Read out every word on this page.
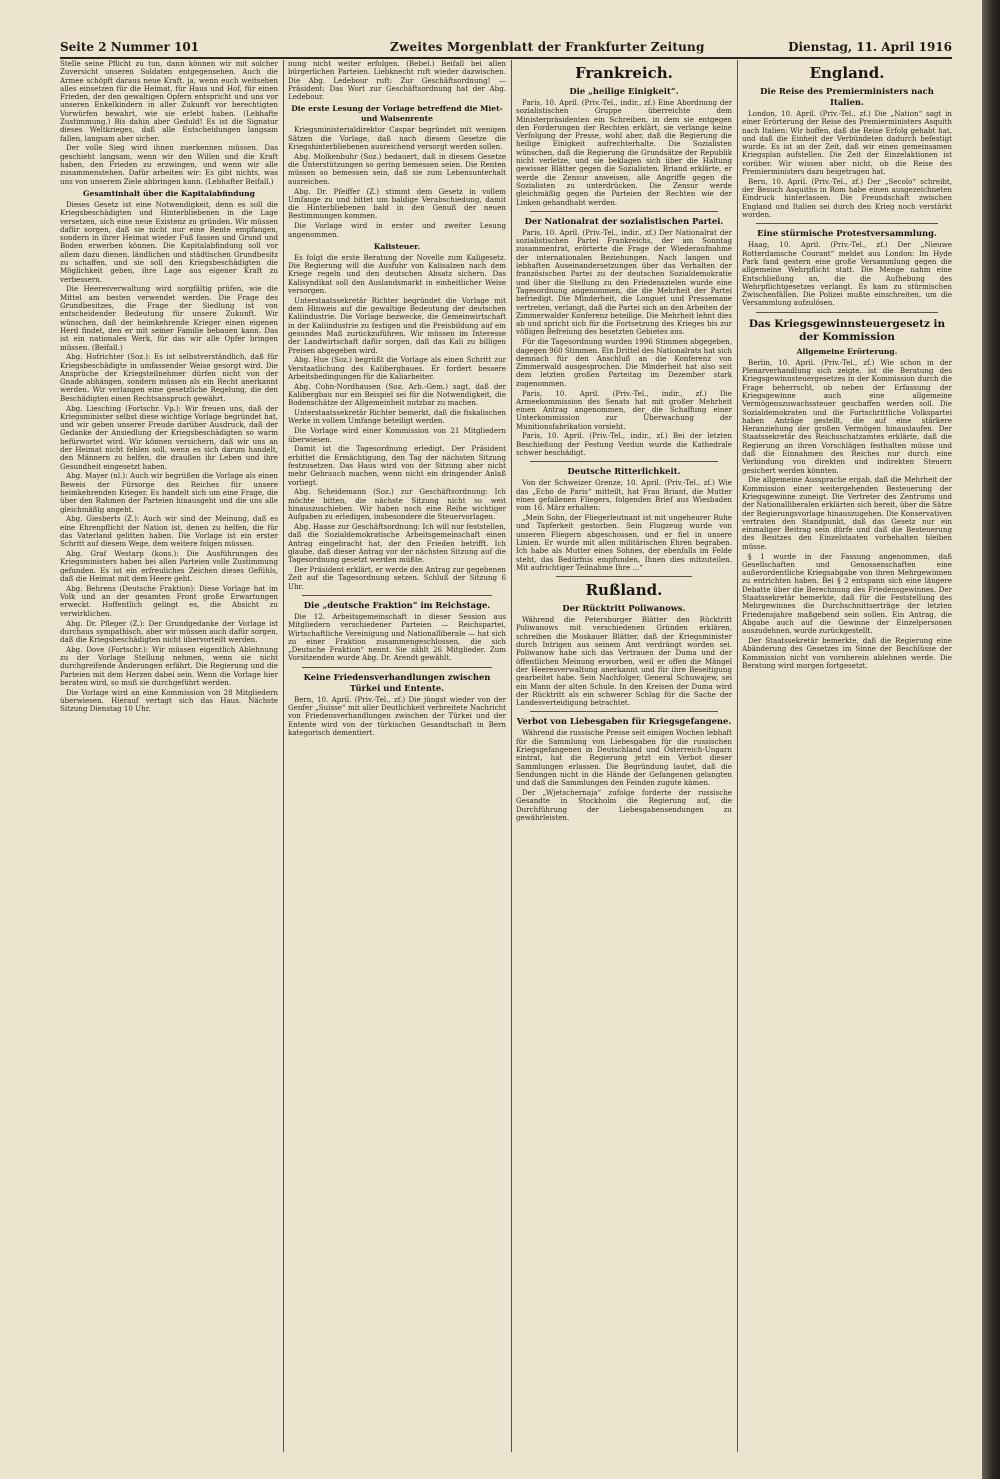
Seite 2 Nummer 101	Zweites Morgenblatt der Frankfurter Zeitung	Dienstag, 11. April 1916

Stelle seine Pflicht zu tun, dann können wir mit solcher Zuversicht unseren Soldaten entgegensehen. Auch die Armee schöpft daraus neue Kraft. ja, wenn euch weitsehen alles einsetzen für die Heimat, für Haus und Hof, für einen Frieden, der den gewaltigen Opfern entspricht und uns vor unseren Enkelkindern in aller Zukunft vor berechtigten Vorwürfen bewahrt, wie sie erlebt haben. (Lebhafte Zustimmung.) Bis dahin aber Geduld! Es ist die Signatur dieses Weltkrieges, daß alle Entscheidungen langsam fallen, langsam aber sicher.

Der volle Sieg wird ihnen zuerkennen müssen. Das geschieht langsam, wenn wir den Willen und die Kraft haben, den Frieden zu erzwingen, und wenn wir alle zusammenstehen. Dafür arbeiten wir: Es gibt nichts, was uns von unserem Ziele abbringen kann. (Lebhafter Beifall.)

Gesamtinhalt über die Kapitalabfindung

Dieses Gesetz ist eine Notwendigkeit, denn es soll die Kriegsbeschädigten und Hinterbliebenen in die Lage versetzen, sich eine neue Existenz zu gründen. Wir müssen dafür sorgen, daß sie nicht nur eine Rente empfangen, sondern in ihrer Heimat wieder Fuß fassen und Grund und Boden erwerben können. Die Kapitalabfindung soll vor allem dazu dienen, ländlichen und städtischen Grundbesitz zu schaffen, und sie soll den Kriegsbeschädigten die Möglichkeit geben, ihre Lage aus eigener Kraft zu verbessern.

Die Heeresverwaltung wird sorgfältig prüfen, wie die Mittel am besten verwendet werden. Die Frage des Grundbesitzes, die Frage der Siedlung ist von entscheidender Bedeutung für unsere Zukunft. Wir wünschen, daß der heimkehrende Krieger einen eigenen Herd findet, den er mit seiner Familie bebauen kann. Das ist ein nationales Werk, für das wir alle Opfer bringen müssen. (Beifall.)

Abg. Hofrichter (Soz.): Es ist selbstverständlich, daß für Kriegsbeschädigte in umfassender Weise gesorgt wird. Die Ansprüche der Kriegsteilnehmer dürfen nicht von der Gnade abhängen, sondern müssen als ein Recht anerkannt werden. Wir verlangen eine gesetzliche Regelung, die den Beschädigten einen Rechtsanspruch gewährt.

Abg. Liesching (Fortschr. Vp.): Wir freuen uns, daß der Kriegsminister selbst diese wichtige Vorlage begründet hat, und wir geben unserer Freude darüber Ausdruck, daß der Gedanke der Ansiedlung der Kriegsbeschädigten so warm befürwortet wird. Wir können versichern, daß wir uns an der Heimat nicht fehlen soll, wenn es sich darum handelt, den Männern zu helfen, die draußen ihr Leben und ihre Gesundheit eingesetzt haben.

Abg. Mayer (nl.): Auch wir begrüßen die Vorlage als einen Beweis der Fürsorge des Reiches für unsere heimkehrenden Krieger. Es handelt sich um eine Frage, die über den Rahmen der Parteien hinausgeht und die uns alle gleichmäßig angeht.

Abg. Giesberts (Z.): Auch wir sind der Meinung, daß es eine Ehrenpflicht der Nation ist, denen zu helfen, die für das Vaterland gelitten haben. Die Vorlage ist ein erster Schritt auf diesem Wege, dem weitere folgen müssen.

Abg. Graf Westarp (kons.): Die Ausführungen des Kriegsministers haben bei allen Parteien volle Zustimmung gefunden. Es ist ein erfreuliches Zeichen dieses Gefühls, daß die Heimat mit dem Heere geht.

Abg. Behrens (Deutsche Fraktion): Diese Vorlage hat im Volk und an der gesamten Front große Erwartungen erweckt. Hoffentlich gelingt es, die Absicht zu verwirklichen.

Abg. Dr. Pfleger (Z.): Der Grundgedanke der Vorlage ist durchaus sympathisch, aber wir müssen auch dafür sorgen, daß die Kriegsbeschädigten nicht übervorteilt werden.

Abg. Dove (Fortschr.): Wir müssen eigentlich Ablehnung zu der Vorlage Stellung nehmen, wenn sie nicht durchgreifende Änderungen erfährt. Die Regierung und die Parteien mit dem Herzen dabei sein. Wenn die Vorlage hier beraten wird, so muß sie durchgeführt werden.

Die Vorlage wird an eine Kommission von 28 Mitgliedern überwiesen. Hierauf vertagt sich das Haus. Nächste Sitzung Dienstag 10 Uhr.

nung nicht weiter erfolgen. (Bebel.) Beifall bei allen bürgerlichen Parteien. Liebknecht ruft wieder dazwischen. Die Abg. Ledebour ruft: Zur Geschäftsordnung! — Präsident: Das Wort zur Geschäftsordnung hat der Abg. Ledebour.

Die erste Lesung der Vorlage betreffend die Miet- und Waisenrente

Kriegsministerialdirektor Caspar begründet mit wenigen Sätzen die Vorlage, daß nach diesem Gesetze die Kriegshinterbliebenen ausreichend versorgt werden sollen.

Abg. Molkenbuhr (Soz.) bedauert, daß in diesem Gesetze die Unterstützungen so gering bemessen seien. Die Renten müssen so bemessen sein, daß sie zum Lebensunterhalt ausreichen.

Abg. Dr. Pfeiffer (Z.) stimmt dem Gesetz in vollem Umfange zu und bittet um baldige Verabschiedung, damit die Hinterbliebenen bald in den Genuß der neuen Bestimmungen kommen.

Die Vorlage wird in erster und zweiter Lesung angenommen.

Kalisteuer.

Es folgt die erste Beratung der Novelle zum Kaligesetz. Die Regierung will die Ausfuhr von Kalisalzen nach dem Kriege regeln und den deutschen Absatz sichern. Das Kalisyndikat soll den Auslandsmarkt in einheitlicher Weise versorgen.

Unterstaatssekretär Richter begründet die Vorlage mit dem Hinweis auf die gewaltige Bedeutung der deutschen Kaliindustrie. Die Vorlage bezwecke, die Gemeinwirtschaft in der Kaliindustrie zu festigen und die Preisbildung auf ein gesundes Maß zurückzuführen. Wir müssen im Interesse der Landwirtschaft dafür sorgen, daß das Kali zu billigen Preisen abgegeben wird.

Abg. Hue (Soz.) begrüßt die Vorlage als einen Schritt zur Verstaatlichung des Kalibergbaues. Er fordert bessere Arbeitsbedingungen für die Kaliarbeiter.

Abg. Cohn-Nordhausen (Soz. Arb.-Gem.) sagt, daß der Kalibergbau nur ein Beispiel sei für die Notwendigkeit, die Bodenschätze der Allgemeinheit nutzbar zu machen.

Unterstaatssekretär Richter bemerkt, daß die fiskalischen Werke in vollem Umfange beteiligt werden.

Die Vorlage wird einer Kommission von 21 Mitgliedern überwiesen.

Damit ist die Tagesordnung erledigt. Der Präsident erbittet die Ermächtigung, den Tag der nächsten Sitzung festzusetzen. Das Haus wird von der Sitzung aber nicht mehr Gebrauch machen, wenn nicht ein dringender Anlaß vorliegt.

Abg. Scheidemann (Soz.) zur Geschäftsordnung: Ich möchte bitten, die nächste Sitzung nicht so weit hinauszuschieben. Wir haben noch eine Reihe wichtiger Aufgaben zu erledigen, insbesondere die Steuervorlagen.

Abg. Haase zur Geschäftsordnung: Ich will nur feststellen, daß die Sozialdemokratische Arbeitsgemeinschaft einen Antrag eingebracht hat, der den Frieden betrifft. Ich glaube, daß dieser Antrag vor der nächsten Sitzung auf die Tagesordnung gesetzt werden müßte.

Der Präsident erklärt, er werde den Antrag zur gegebenen Zeit auf die Tagesordnung setzen. Schluß der Sitzung 6 Uhr.

Die „deutsche Fraktion“ im Reichstage.

Die 12. Arbeitsgemeinschaft in dieser Session aus Mitgliedern verschiedener Parteien — Reichspartei, Wirtschaftliche Vereinigung und Nationalliberale — hat sich zu einer Fraktion zusammengeschlossen, die sich „Deutsche Fraktion“ nennt. Sie zählt 26 Mitglieder. Zum Vorsitzenden wurde Abg. Dr. Arendt gewählt.

Keine Friedensverhandlungen zwischen Türkei und Entente.

Bern, 10. April. (Priv.-Tel., zf.) Die jüngst wieder von der Genfer „Suisse“ mit aller Deutlichkeit verbreitete Nachricht von Friedensverhandlungen zwischen der Türkei und der Entente wird von der türkischen Gesandtschaft in Bern kategorisch dementiert.

Frankreich.
Die „heilige Einigkeit“.

Paris, 10. April. (Priv.-Tel., indir., zf.) Eine Abordnung der sozialistischen Gruppe überreichte dem Ministerpräsidenten ein Schreiben, in dem sie entgegen den Forderungen der Rechten erklärt, sie verlange keine Verfolgung der Presse, wohl aber, daß die Regierung die heilige Einigkeit aufrechterhalte. Die Sozialisten wünschen, daß die Regierung die Grundsätze der Republik nicht verletze, und sie beklagen sich über die Haltung gewisser Blätter gegen die Sozialisten. Briand erklärte, er werde die Zensur anweisen, alle Angriffe gegen die Sozialisten zu unterdrücken. Die Zensur werde gleichmäßig gegen die Parteien der Rechten wie der Linken gehandhabt werden.

Der Nationalrat der sozialistischen Partei.

Paris, 10. April. (Priv.-Tel., indir., zf.) Der Nationalrat der sozialistischen Partei Frankreichs, der am Sonntag zusammentrat, erörterte die Frage der Wiederaufnahme der internationalen Beziehungen. Nach langen und lebhaften Auseinandersetzungen über das Verhalten der französischen Partei zu der deutschen Sozialdemokratie und über die Stellung zu den Friedenszielen wurde eine Tagesordnung angenommen, die die Mehrheit der Partei befriedigt. Die Minderheit, die Longuet und Pressemane vertreten, verlangt, daß die Partei sich an den Arbeiten der Zimmerwalder Konferenz beteilige. Die Mehrheit lehnt dies ab und spricht sich für die Fortsetzung des Krieges bis zur völligen Befreiung des besetzten Gebietes aus.

Für die Tagesordnung wurden 1996 Stimmen abgegeben, dagegen 960 Stimmen. Ein Drittel des Nationalrats hat sich demnach für den Anschluß an die Konferenz von Zimmerwald ausgesprochen. Die Minderheit hat also seit dem letzten großen Parteitag im Dezember stark zugenommen.

Paris, 10. April. (Priv.-Tel., indir., zf.) Die Armeekommission des Senats hat mit großer Mehrheit einen Antrag angenommen, der die Schaffung einer Unterkommission zur Überwachung der Munitionsfabrikation vorsieht.

Paris, 10. April. (Priv.-Tel., indir., zf.) Bei der letzten Beschießung der Festung Verdun wurde die Kathedrale schwer beschädigt.

Deutsche Ritterlichkeit.

Von der Schweizer Grenze, 10. April. (Priv.-Tel., zf.) Wie das „Echo de Paris“ mitteilt, hat Frau Briant, die Mutter eines gefallenen Fliegers, folgenden Brief aus Wiesbaden vom 16. März erhalten:

„Mein Sohn, der Fliegerleutnant ist mit ungeheurer Ruhe und Tapferkeit gestorben. Sein Flugzeug wurde von unseren Fliegern abgeschossen, und er fiel in unsere Linien. Er wurde mit allen militärischen Ehren begraben. Ich habe als Mutter eines Sohnes, der ebenfalls im Felde steht, das Bedürfnis empfunden, Ihnen dies mitzuteilen. Mit aufrichtiger Teilnahme Ihre ...“

Rußland.
Der Rücktritt Poliwanows.

Während die Petersburger Blätter den Rücktritt Poliwanows mit verschiedenen Gründen erklären, schreiben die Moskauer Blätter, daß der Kriegsminister durch Intrigen aus seinem Amt verdrängt worden sei. Poliwanow habe sich das Vertrauen der Duma und der öffentlichen Meinung erworben, weil er offen die Mängel der Heeresverwaltung anerkannt und für ihre Beseitigung gearbeitet habe. Sein Nachfolger, General Schuwajew, sei ein Mann der alten Schule. In den Kreisen der Duma wird der Rücktritt als ein schwerer Schlag für die Sache der Landesverteidigung betrachtet.

Verbot von Liebesgaben für Kriegsgefangene.

Während die russische Presse seit einigen Wochen lebhaft für die Sammlung von Liebesgaben für die russischen Kriegsgefangenen in Deutschland und Österreich-Ungarn eintrat, hat die Regierung jetzt ein Verbot dieser Sammlungen erlassen. Die Begründung lautet, daß die Sendungen nicht in die Hände der Gefangenen gelangten und daß die Sammlungen den Feinden zugute kämen.

Der „Wjetschernaja“ zufolge forderte der russische Gesandte in Stockholm die Regierung auf, die Durchführung der Liebesgabensendungen zu gewährleisten.

England.
Die Reise des Premierministers nach Italien.

London, 10. April. (Priv.-Tel., zf.) Die „Nation“ sagt in einer Erörterung der Reise des Premierministers Asquith nach Italien: Wir hoffen, daß die Reise Erfolg gehabt hat, und daß die Einheit der Verbündeten dadurch befestigt wurde. Es ist an der Zeit, daß wir einen gemeinsamen Kriegsplan aufstellen. Die Zeit der Einzelaktionen ist vorüber. Wir wissen aber nicht, ob die Reise des Premierministers dazu beigetragen hat.

Bern, 10. April. (Priv.-Tel., zf.) Der „Secolo“ schreibt, der Besuch Asquiths in Rom habe einen ausgezeichneten Eindruck hinterlassen. Die Freundschaft zwischen England und Italien sei durch den Krieg noch verstärkt worden.

Eine stürmische Protestversammlung.

Haag, 10. April. (Priv.-Tel., zf.) Der „Nieuwe Rotterdamsche Courant“ meldet aus London: Im Hyde Park fand gestern eine große Versammlung gegen die allgemeine Wehrpflicht statt. Die Menge nahm eine Entschließung an, die die Aufhebung des Wehrpflichtgesetzes verlangt. Es kam zu stürmischen Zwischenfällen. Die Polizei mußte einschreiten, um die Versammlung aufzulösen.

Das Kriegsgewinnsteuergesetz in der Kommission
Allgemeine Erörterung.

Berlin, 10. April. (Priv.-Tel., zf.) Wie schon in der Plenarverhandlung sich zeigte, ist die Beratung des Kriegsgewinnsteuergesetzes in der Kommission durch die Frage beherrscht, ob neben der Erfassung der Kriegsgewinne auch eine allgemeine Vermögenszuwachssteuer geschaffen werden soll. Die Sozialdemokraten und die Fortschrittliche Volkspartei haben Anträge gestellt, die auf eine stärkere Heranziehung der großen Vermögen hinauslaufen. Der Staatssekretär des Reichsschatzamtes erklärte, daß die Regierung an ihren Vorschlägen festhalten müsse und daß die Einnahmen des Reiches nur durch eine Verbindung von direkten und indirekten Steuern gesichert werden könnten.

Die allgemeine Aussprache ergab, daß die Mehrheit der Kommission einer weitergehenden Besteuerung der Kriegsgewinne zuneigt. Die Vertreter des Zentrums und der Nationalliberalen erklärten sich bereit, über die Sätze der Regierungsvorlage hinauszugehen. Die Konservativen vertraten den Standpunkt, daß das Gesetz nur ein einmaliger Beitrag sein dürfe und daß die Besteuerung des Besitzes den Einzelstaaten vorbehalten bleiben müsse.

§ 1 wurde in der Fassung angenommen, daß Gesellschaften und Genossenschaften eine außerordentliche Kriegsabgabe von ihren Mehrgewinnen zu entrichten haben. Bei § 2 entspann sich eine längere Debatte über die Berechnung des Friedensgewinnes. Der Staatssekretär bemerkte, daß für die Feststellung des Mehrgewinnes die Durchschnittserträge der letzten Friedensjahre maßgebend sein sollen. Ein Antrag, die Abgabe auch auf die Gewinne der Einzelpersonen auszudehnen, wurde zurückgestellt.

Der Staatssekretär bemerkte, daß die Regierung eine Abänderung des Gesetzes im Sinne der Beschlüsse der Kommission nicht von vornherein ablehnen werde. Die Beratung wird morgen fortgesetzt.
